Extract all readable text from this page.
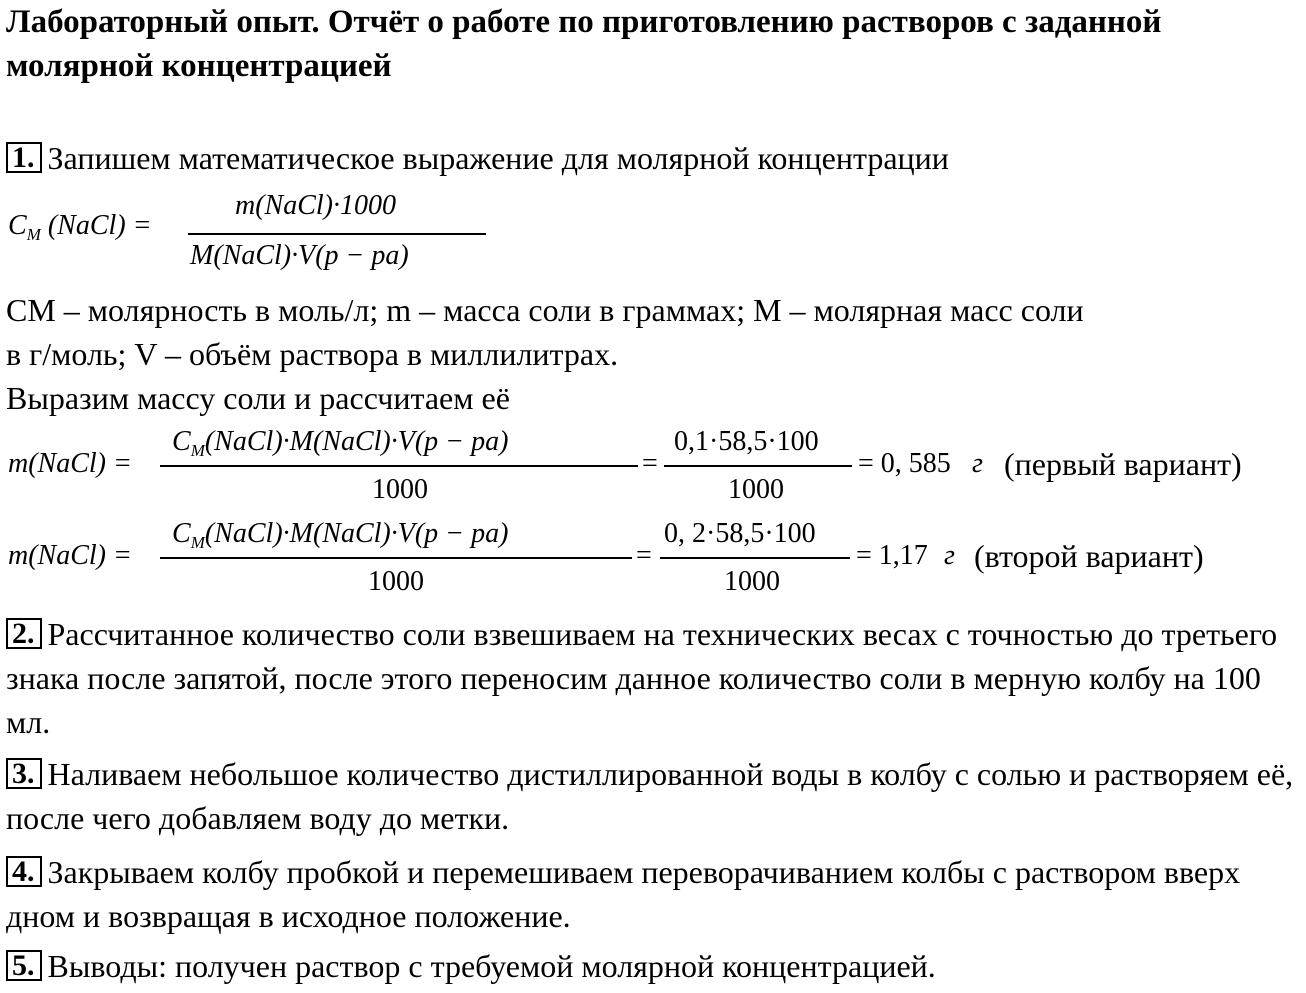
Лабораторный опыт. Отчёт о работе по приготовлению растворов с заданной молярной концентрацией
1. Запишем математическое выражение для молярной концентрации
$C_M$ (NaCl) =
m(NaCl)·1000
M(NaCl)·V(p − pa)
СМ – молярность в моль/л; m – масса соли в граммах; М – молярная масс соли
в г/моль; V – объём раствора в миллилитрах.
Выразим массу соли и рассчитаем её
m(NaCl) =
$C_M(NaCl)\cdot M(NaCl)\cdot V(p - pa)$
1000
=
0,1·58,5·100
1000
= 0, 585 г (первый вариант)
m(NaCl) =
$C_M(NaCl)\cdot M(NaCl)\cdot V(p - pa)$
1000
=
0, 2·58,5·100
1000
= 1,17 г (второй вариант)
2. Рассчитанное количество соли взвешиваем на технических весах с точностью до третьего знака после запятой, после этого переносим данное количество соли в мерную колбу на 100 мл.
3. Наливаем небольшое количество дистиллированной воды в колбу с солью и растворяем её, после чего добавляем воду до метки.
4. Закрываем колбу пробкой и перемешиваем переворачиванием колбы с раствором вверх дном и возвращая в исходное положение.
5. Выводы: получен раствор с требуемой молярной концентрацией.
